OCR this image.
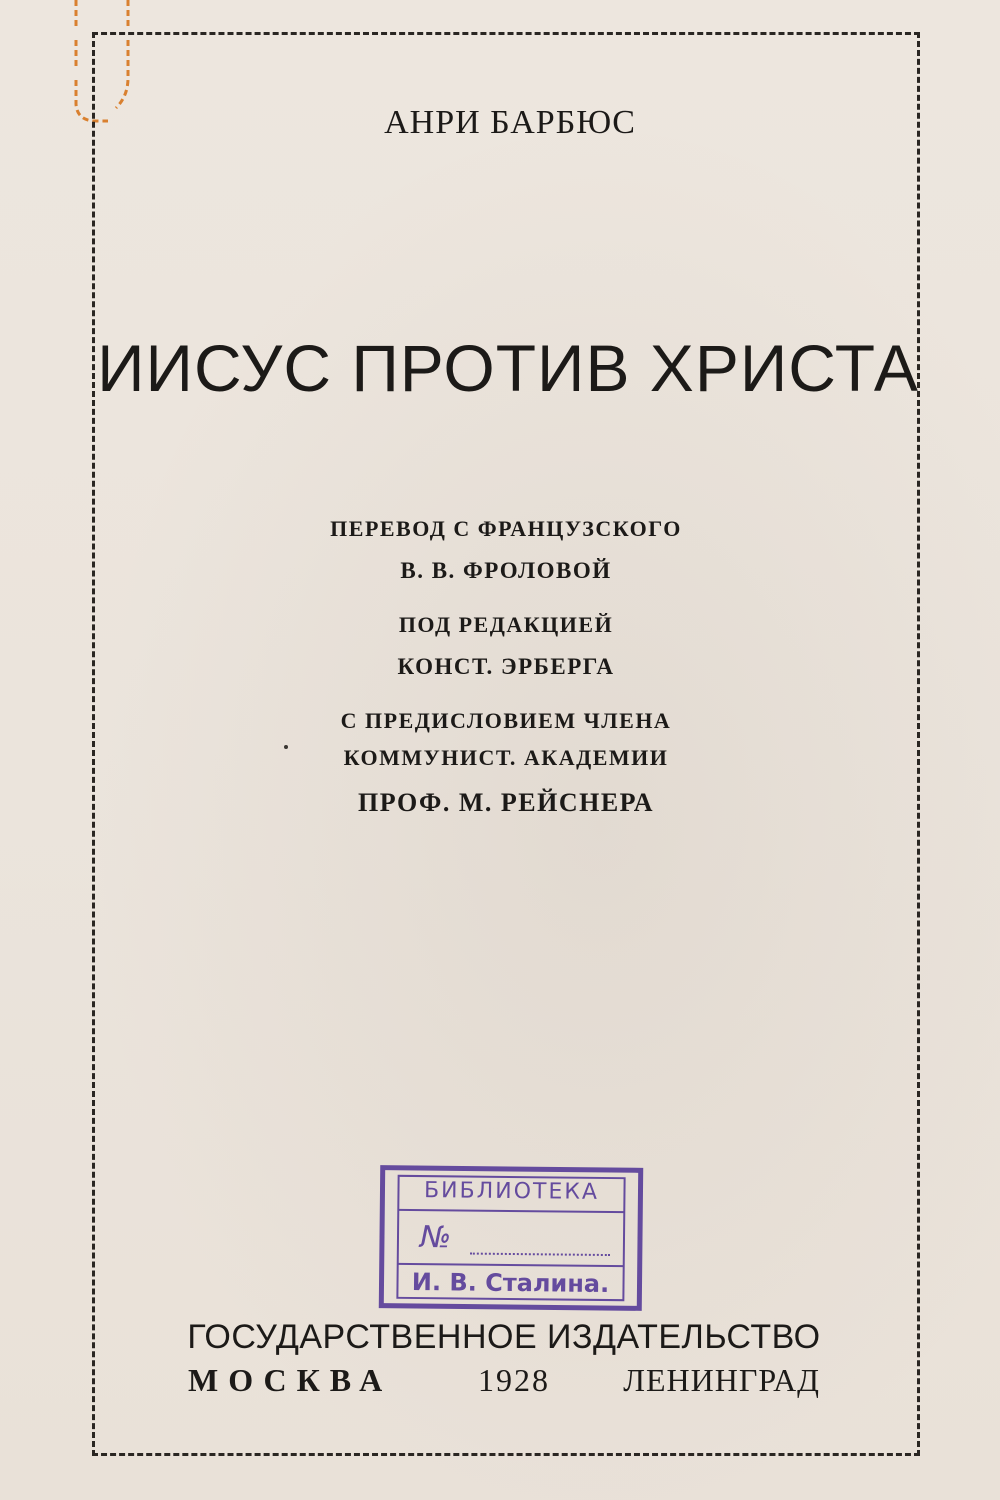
АНРИ БАРБЮС
ИИСУС ПРОТИВ ХРИСТА
ПЕРЕВОД С ФРАНЦУЗСКОГО
В. В. ФРОЛОВОЙ
ПОД РЕДАКЦИЕЙ
КОНСТ. ЭРБЕРГА
С ПРЕДИСЛОВИЕМ ЧЛЕНА
КОММУНИСТ. АКАДЕМИИ
ПРОФ. М. РЕЙСНЕРА
БИБЛИОТЕКА
№
И. В. Сталина.
ГОСУДАРСТВЕННОЕ ИЗДАТЕЛЬСТВО
МОСКВА	1928 ЛЕНИНГРАД
